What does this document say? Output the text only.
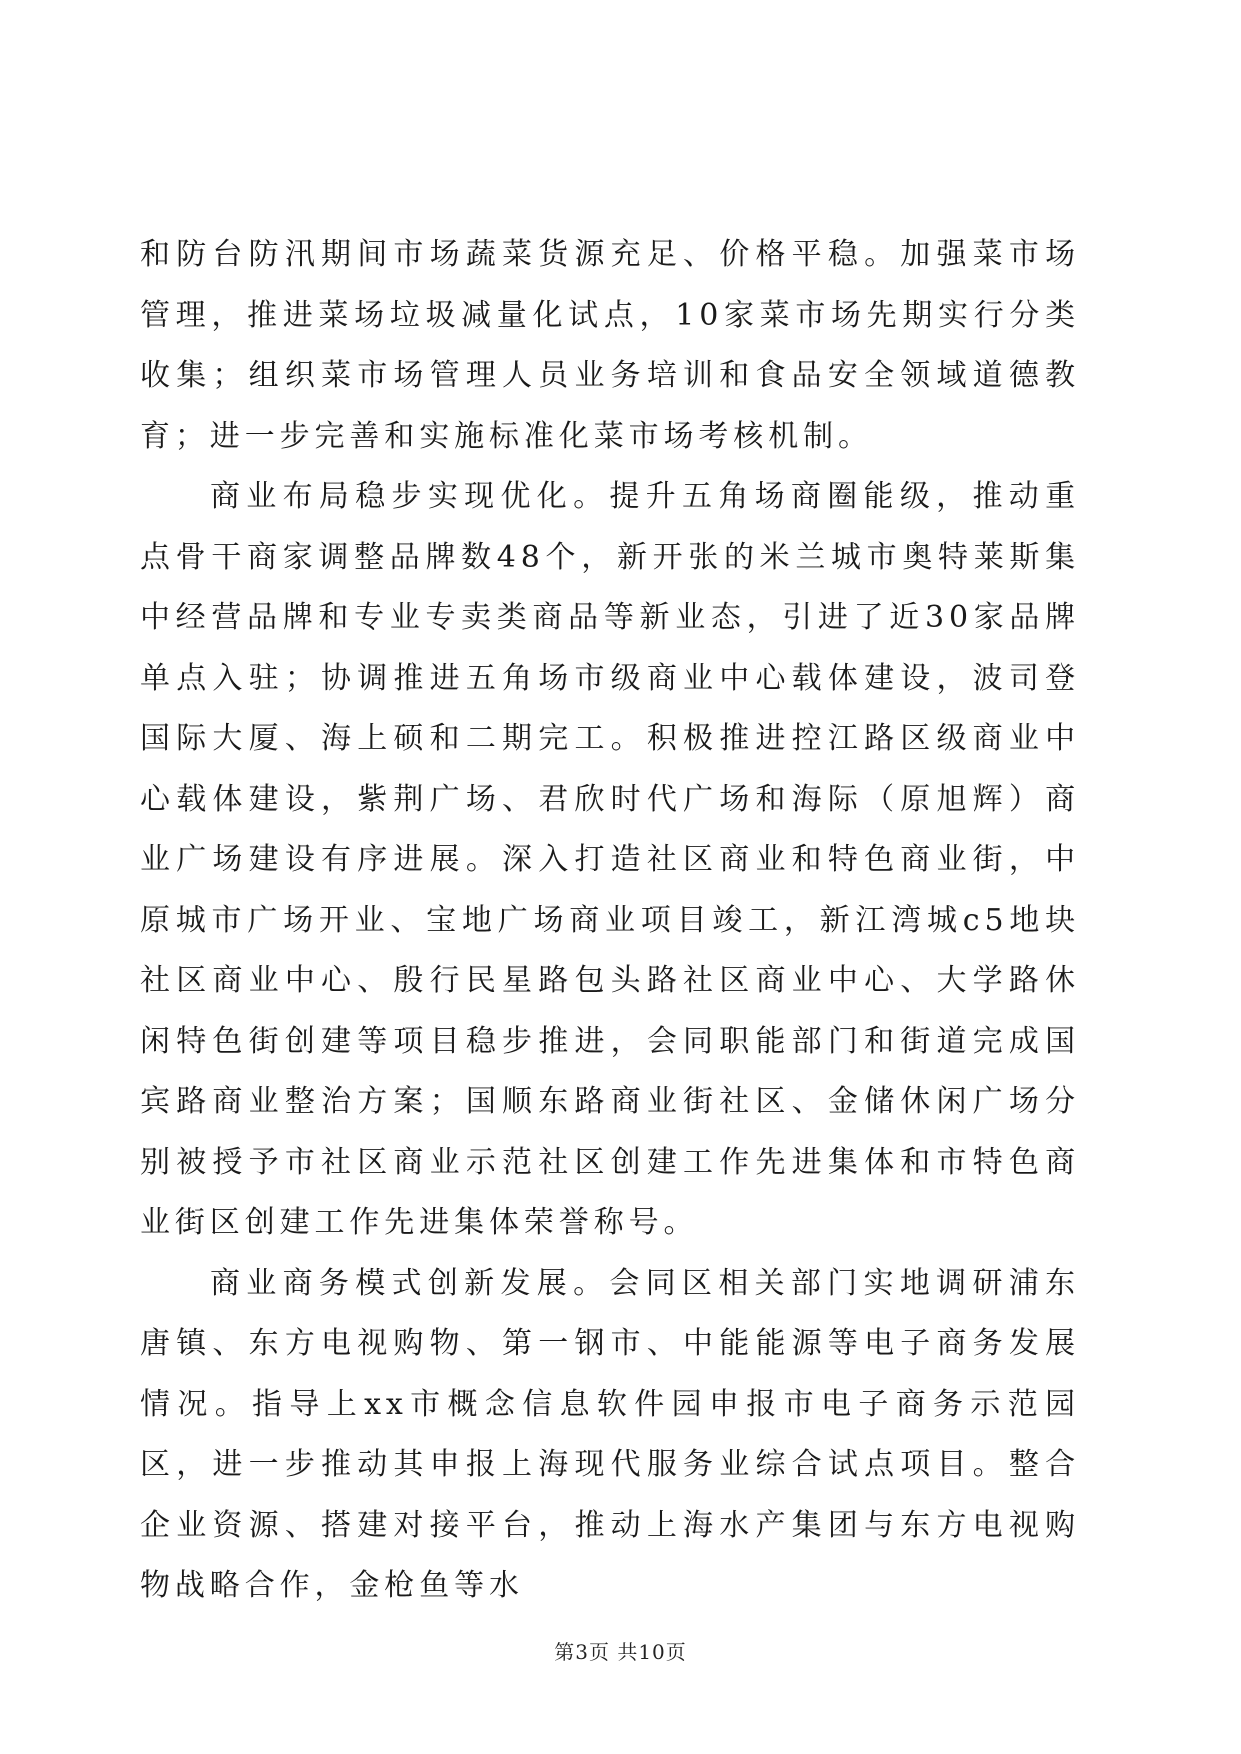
和防台防汛期间市场蔬菜货源充足、价格平稳。加强菜市场管理，推进菜场垃圾减量化试点，10家菜市场先期实行分类收集；组织菜市场管理人员业务培训和食品安全领域道德教育；进一步完善和实施标准化菜市场考核机制。

商业布局稳步实现优化。提升五角场商圈能级，推动重点骨干商家调整品牌数48个，新开张的米兰城市奥特莱斯集中经营品牌和专业专卖类商品等新业态，引进了近30家品牌单点入驻；协调推进五角场市级商业中心载体建设，波司登国际大厦、海上硕和二期完工。积极推进控江路区级商业中心载体建设，紫荆广场、君欣时代广场和海际（原旭辉）商业广场建设有序进展。深入打造社区商业和特色商业街，中原城市广场开业、宝地广场商业项目竣工，新江湾城c5地块社区商业中心、殷行民星路包头路社区商业中心、大学路休闲特色街创建等项目稳步推进，会同职能部门和街道完成国宾路商业整治方案；国顺东路商业街社区、金储休闲广场分别被授予市社区商业示范社区创建工作先进集体和市特色商业街区创建工作先进集体荣誉称号。

商业商务模式创新发展。会同区相关部门实地调研浦东唐镇、东方电视购物、第一钢市、中能能源等电子商务发展情况。指导上xx市概念信息软件园申报市电子商务示范园区，进一步推动其申报上海现代服务业综合试点项目。整合企业资源、搭建对接平台，推动上海水产集团与东方电视购物战略合作，金枪鱼等水

第3页 共10页
